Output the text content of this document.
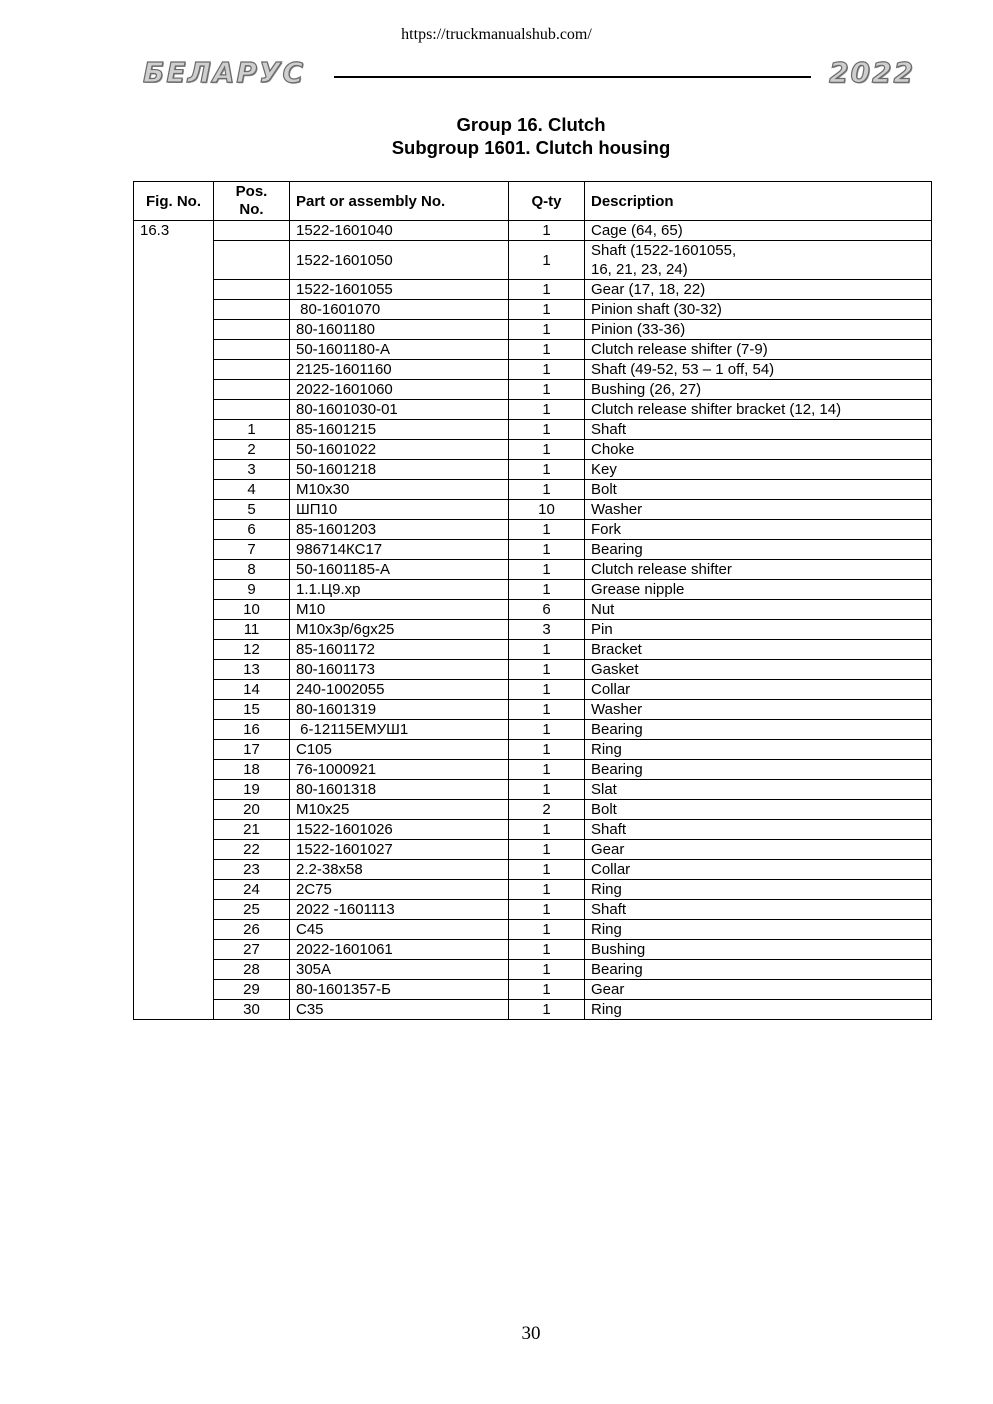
https://truckmanualshub.com/
БЕЛАРУС	2022
Group 16. Clutch
Subgroup 1601. Clutch housing
Fig. No.	Pos.
No.	Part or assembly No.	Q-ty	Description
16.3		1522-1601040	1	Cage (64, 65)
		1522-1601050	1	Shaft (1522-1601055,
16, 21, 23, 24)
		1522-1601055	1	Gear (17, 18, 22)
		80-1601070	1	Pinion shaft (30-32)
		80-1601180	1	Pinion (33-36)
		50-1601180-А	1	Clutch release shifter (7-9)
		2125-1601160	1	Shaft (49-52, 53 – 1 off, 54)
		2022-1601060	1	Bushing (26, 27)
		80-1601030-01	1	Clutch release shifter bracket (12, 14)
	1	85-1601215	1	Shaft
	2	50-1601022	1	Choke
	3	50-1601218	1	Key
	4	М10х30	1	Bolt
	5	ШП10	10	Washer
	6	85-1601203	1	Fork
	7	986714КС17	1	Bearing
	8	50-1601185-А	1	Clutch release shifter
	9	1.1.Ц9.хр	1	Grease nipple
	10	М10	6	Nut
	11	М10х3р/6gх25	3	Pin
	12	85-1601172	1	Bracket
	13	80-1601173	1	Gasket
	14	240-1002055	1	Collar
	15	80-1601319	1	Washer
	16	6-12115ЕМУШ1	1	Bearing
	17	С105	1	Ring
	18	76-1000921	1	Bearing
	19	80-1601318	1	Slat
	20	М10х25	2	Bolt
	21	1522-1601026	1	Shaft
	22	1522-1601027	1	Gear
	23	2.2-38х58	1	Collar
	24	2С75	1	Ring
	25	2022 -1601113	1	Shaft
	26	С45	1	Ring
	27	2022-1601061	1	Bushing
	28	305А	1	Bearing
	29	80-1601357-Б	1	Gear
	30	С35	1	Ring
30
